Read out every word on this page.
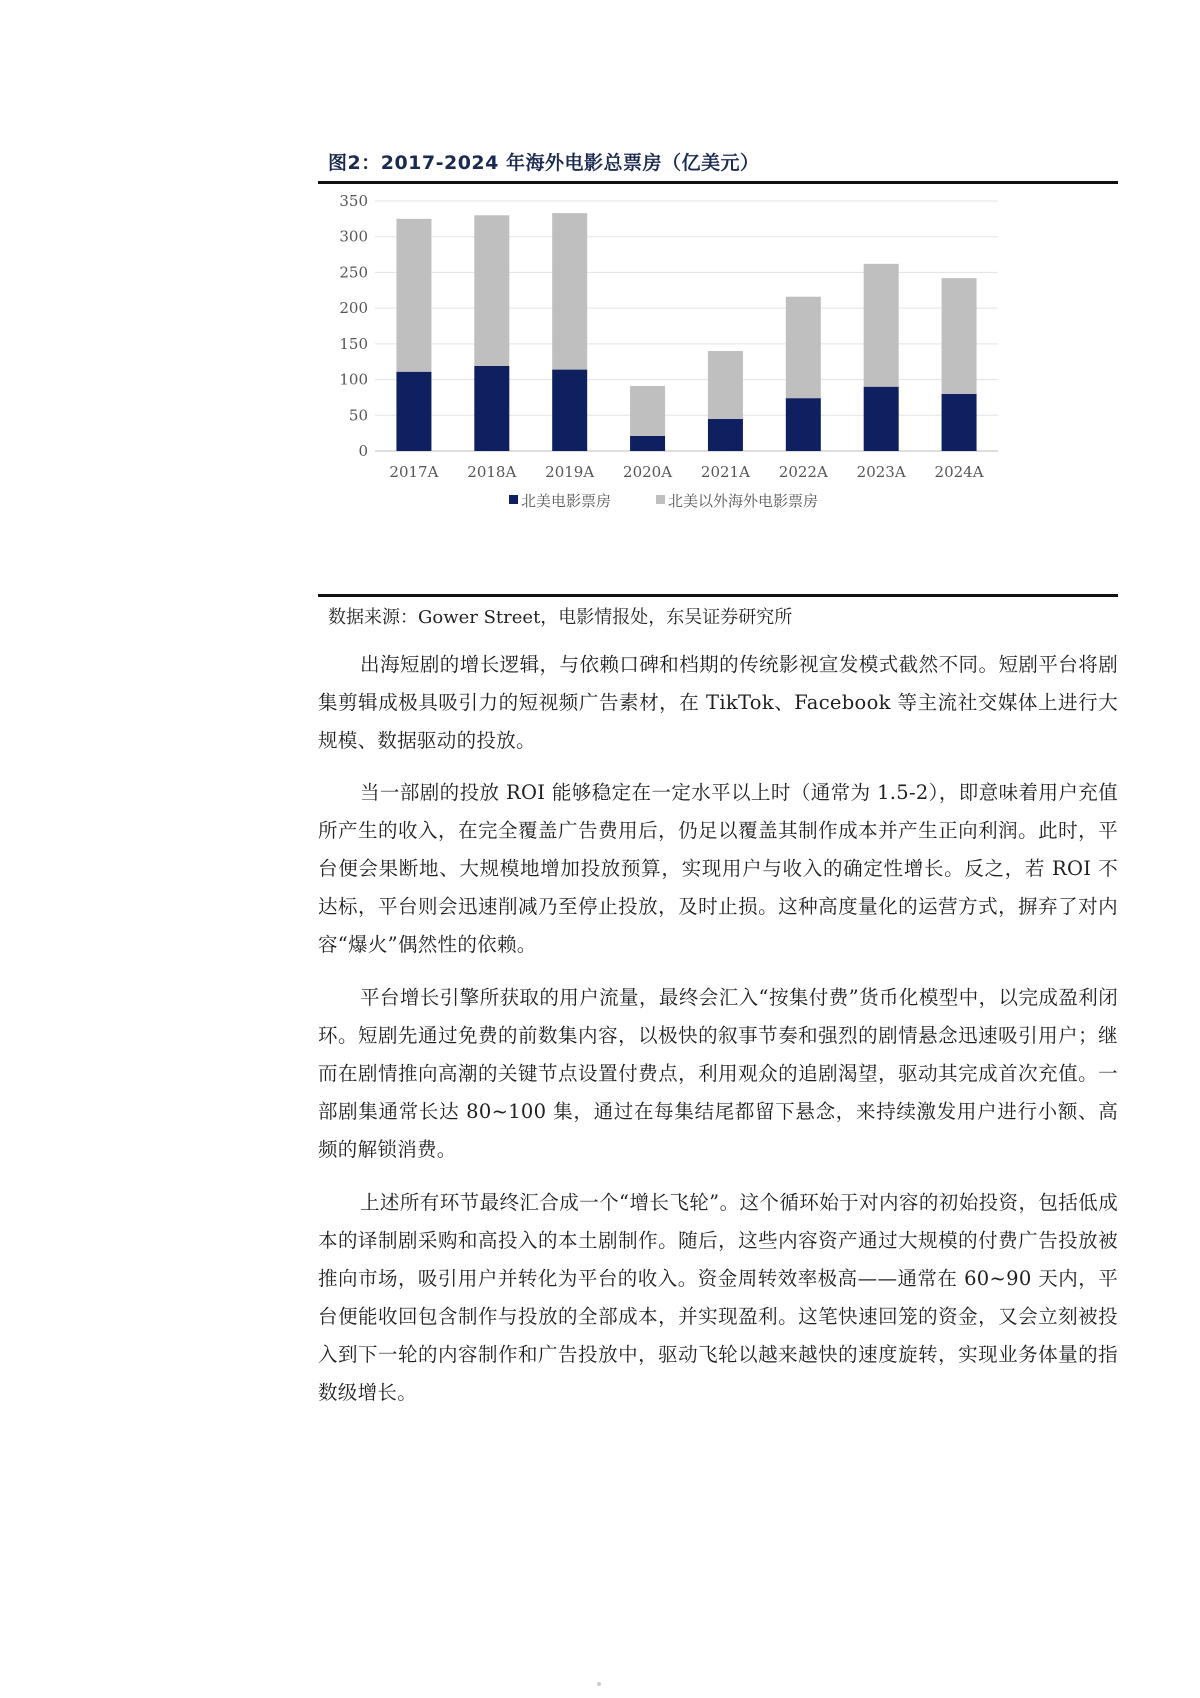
图2：2017-2024 年海外电影总票房（亿美元）
0
50
100
150
200
250
300
350
2017A 2018A 2019A 2020A 2021A 2022A 2023A 2024A
北美电影票房	北美以外海外电影票房
数据来源：Gower Street，电影情报处，东吴证券研究所

出海短剧的增长逻辑，与依赖口碑和档期的传统影视宣发模式截然不同。短剧平台将剧集剪辑成极具吸引力的短视频广告素材，在 TikTok、Facebook 等主流社交媒体上进行大规模、数据驱动的投放。

当一部剧的投放 ROI 能够稳定在一定水平以上时（通常为 1.5-2），即意味着用户充值所产生的收入，在完全覆盖广告费用后，仍足以覆盖其制作成本并产生正向利润。此时，平台便会果断地、大规模地增加投放预算，实现用户与收入的确定性增长。反之，若 ROI 不达标，平台则会迅速削减乃至停止投放，及时止损。这种高度量化的运营方式，摒弃了对内容“爆火”偶然性的依赖。

平台增长引擎所获取的用户流量，最终会汇入“按集付费”货币化模型中，以完成盈利闭环。短剧先通过免费的前数集内容，以极快的叙事节奏和强烈的剧情悬念迅速吸引用户；继而在剧情推向高潮的关键节点设置付费点，利用观众的追剧渴望，驱动其完成首次充值。一部剧集通常长达 80~100 集，通过在每集结尾都留下悬念，来持续激发用户进行小额、高频的解锁消费。

上述所有环节最终汇合成一个“增长飞轮”。这个循环始于对内容的初始投资，包括低成本的译制剧采购和高投入的本土剧制作。随后，这些内容资产通过大规模的付费广告投放被推向市场，吸引用户并转化为平台的收入。资金周转效率极高——通常在 60~90 天内，平台便能收回包含制作与投放的全部成本，并实现盈利。这笔快速回笼的资金，又会立刻被投入到下一轮的内容制作和广告投放中，驱动飞轮以越来越快的速度旋转，实现业务体量的指数级增长。
